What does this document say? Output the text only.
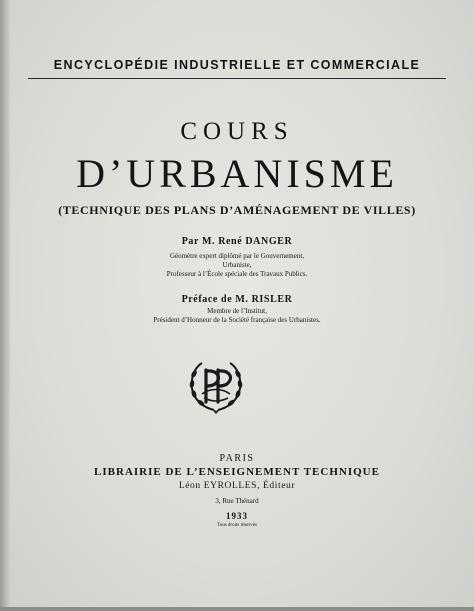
ENCYCLOPÉDIE INDUSTRIELLE ET COMMERCIALE
COURS
D’URBANISME
(TECHNIQUE DES PLANS D’AMÉNAGEMENT DE VILLES)
Par M. René DANGER
Géomètre expert diplômé par le Gouvernement,
Urbaniste,
Professeur à l’École spéciale des Travaux Publics.
Préface de M. RISLER
Membre de l’Institut,
Président d’Honneur de la Société française des Urbanistes.
PARIS
LIBRAIRIE DE L’ENSEIGNEMENT TECHNIQUE
Léon EYROLLES, Éditeur
3, Rue Thénard
1933
Tous droits réservés
